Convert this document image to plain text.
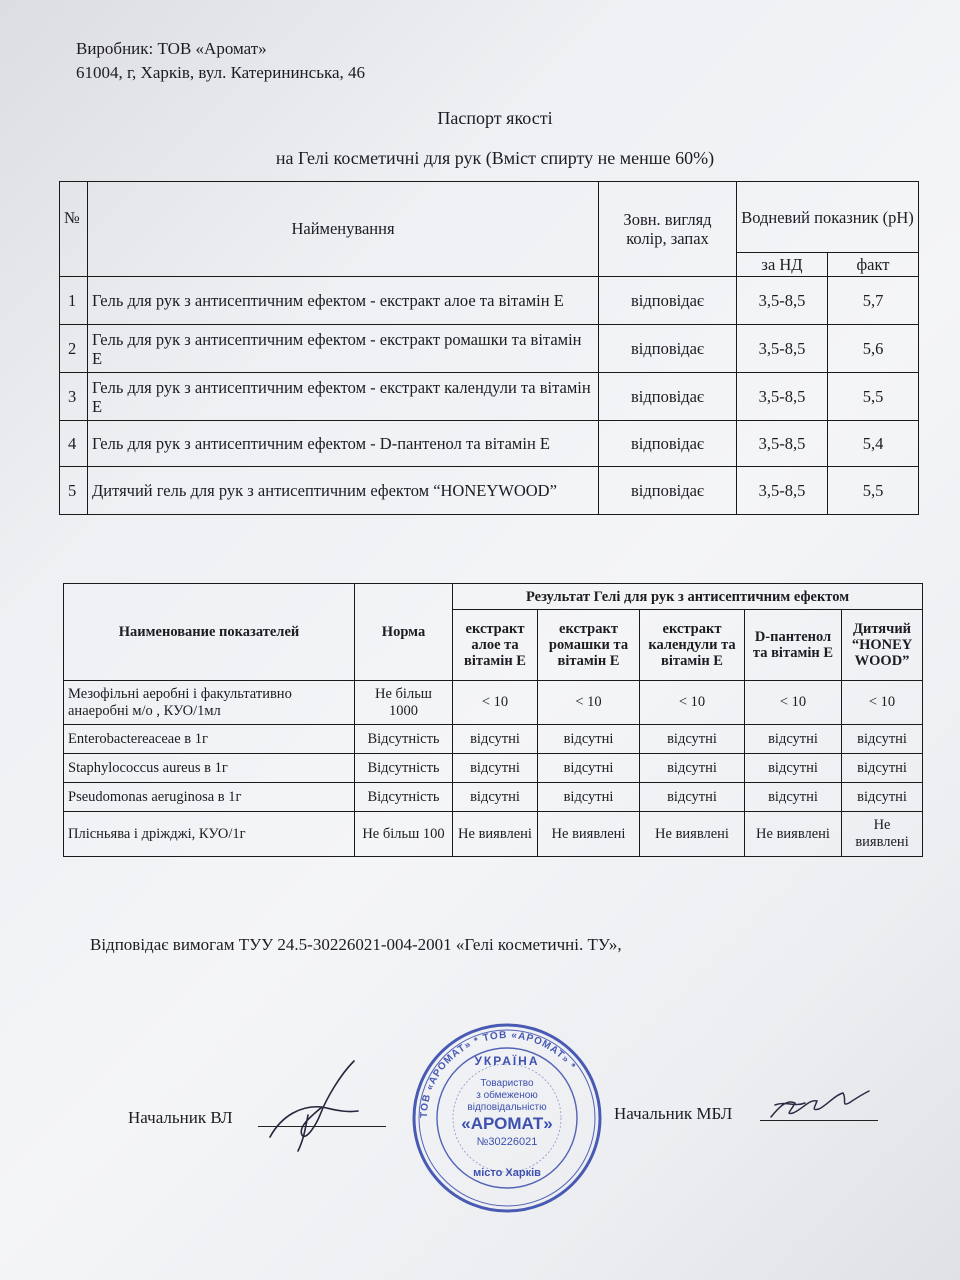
Виробник: ТОВ «Аромат»
61004, г, Харків, вул. Катерининська, 46
Паспорт якості
на Гелі косметичні для рук (Вміст спирту не менше 60%)
№	Найменування	Зовн. вигляд колір, запах	Водневий показник (рН)	
			за НД	факт
1	Гель для рук з антисептичним ефектом - екстракт алое та вітамін Е	відповідає	3,5-8,5	5,7
2	Гель для рук з антисептичним ефектом - екстракт ромашки та вітамін Е	відповідає	3,5-8,5	5,6
3	Гель для рук з антисептичним ефектом - екстракт календули та вітамін Е	відповідає	3,5-8,5	5,5
4	Гель для рук з антисептичним ефектом - D-пантенол та вітамін Е	відповідає	3,5-8,5	5,4
5	Дитячий гель для рук з антисептичним ефектом “HONEYWOOD”	відповідає	3,5-8,5	5,5
Наименование показателей	Норма	Результат Гелі для рук з антисептичним ефектом				
		екстракт алое та вітамін Е	екстракт ромашки та вітамін Е	екстракт календули та вітамін Е	D-пантенол та вітамін Е	Дитячий “HONEY WOOD”
Мезофільні аеробні і факультативно анаеробні м/о , КУО/1мл	Не більш 1000	< 10	< 10	< 10	< 10	< 10
Enterobactereaceae в 1г	Відсутність	відсутні	відсутні	відсутні	відсутні	відсутні
Staphylococcus aureus в 1г	Відсутність	відсутні	відсутні	відсутні	відсутні	відсутні
Pseudomonas aeruginosa в 1г	Відсутність	відсутні	відсутні	відсутні	відсутні	відсутні
Плісньява і дріжджі, КУО/1г	Не більш 100	Не виявлені	Не виявлені	Не виявлені	Не виявлені	Не виявлені
Відповідає вимогам ТУУ 24.5-30226021-004-2001 «Гелі косметичні. ТУ»,
Начальник ВЛ	Начальник МБЛ
ТОВ «АРОМАТ» * ТОВ «АРОМАТ» *
УКРАЇНА
Товариство
з обмеженою
відповідальністю
«АРОМАТ»
№30226021
місто Харків
